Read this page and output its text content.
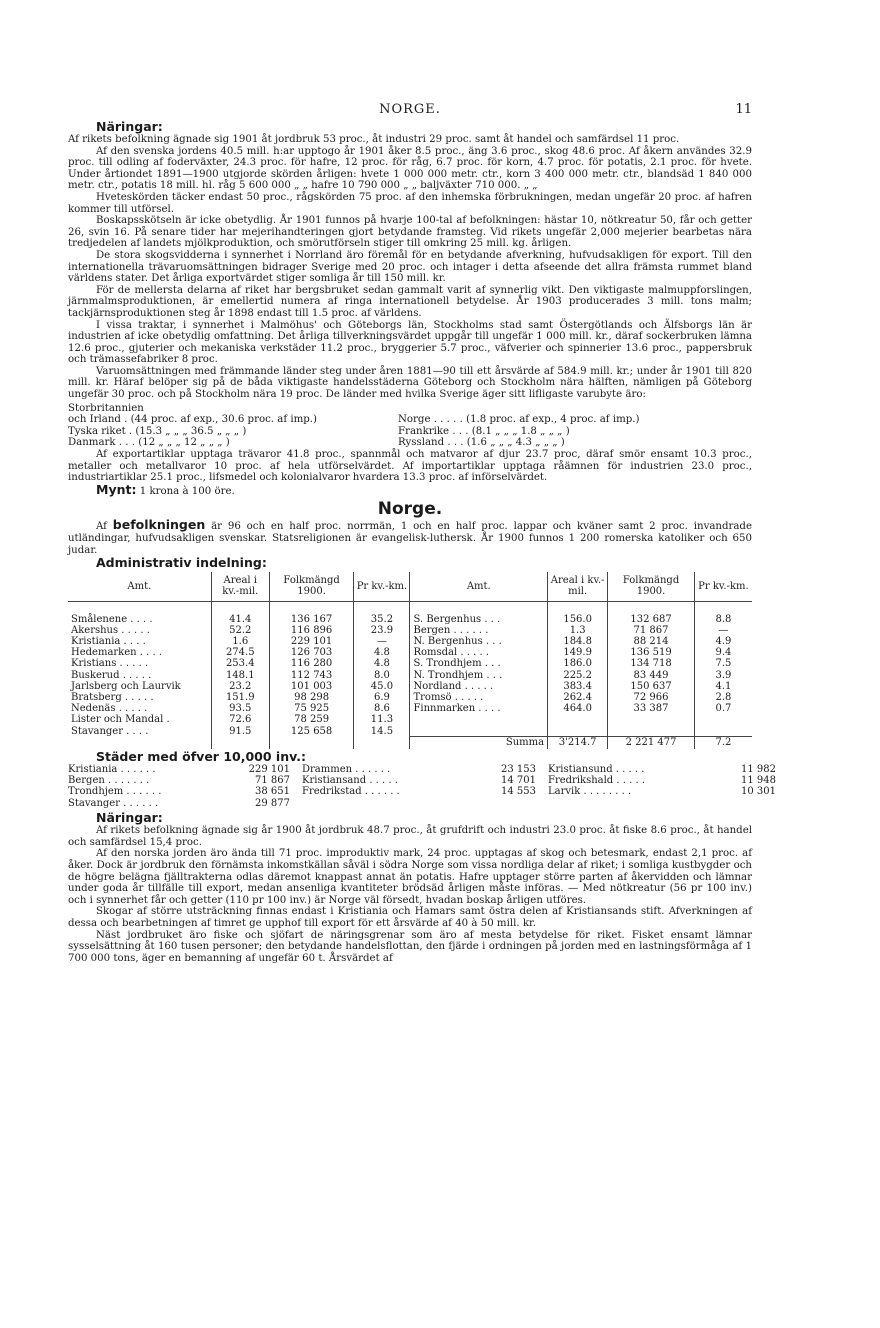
NORGE.	11
Näringar:

Af rikets befolkning ägnade sig 1901 åt jordbruk 53 proc., åt industri 29 proc. samt åt handel och samfärdsel 11 proc.

Af den svenska jordens 40.5 mill. h:ar upptogo år 1901 åker 8.5 proc., äng 3.6 proc., skog 48.6 proc. Af åkern användes 32.9 proc. till odling af foderväxter, 24.3 proc. för hafre, 12 proc. för råg, 6.7 proc. för korn, 4.7 proc. för potatis, 2.1 proc. för hvete. Under årtiondet 1891—1900 utgjorde skörden årligen: hvete 1 000 000 metr. ctr., korn 3 400 000 metr. ctr., blandsäd 1 840 000 metr. ctr., potatis 18 mill. hl. råg 5 600 000 „ „ hafre 10 790 000 „ „ baljväxter 710 000. „ „

Hveteskörden täcker endast 50 proc., rågskörden 75 proc. af den inhemska förbrukningen, medan ungefär 20 proc. af hafren kommer till utförsel.

Boskapsskötseln är icke obetydlig. År 1901 funnos på hvarje 100-tal af befolkningen: hästar 10, nötkreatur 50, får och getter 26, svin 16. På senare tider har mejerihandteringen gjort betydande framsteg. Vid rikets ungefär 2,000 mejerier bearbetas nära tredjedelen af landets mjölkproduktion, och smörutförseln stiger till omkring 25 mill. kg. årligen.

De stora skogsvidderna i synnerhet i Norrland äro föremål för en betydande afverkning, hufvudsakligen för export. Till den internationella trävaruomsättningen bidrager Sverige med 20 proc. och intager i detta afseende det allra främsta rummet bland världens stater. Det årliga exportvärdet stiger somliga år till 150 mill. kr.

För de mellersta delarna af riket har bergsbruket sedan gammalt varit af synnerlig vikt. Den viktigaste malmuppforslingen, järnmalmsproduktionen, är emellertid numera af ringa internationell betydelse. År 1903 producerades 3 mill. tons malm; tackjärnsproduktionen steg år 1898 endast till 1.5 proc. af världens.

I vissa traktar, i synnerhet i Malmöhus' och Göteborgs län, Stockholms stad samt Östergötlands och Älfsborgs län är industrien af icke obetydlig omfattning. Det årliga tillverkningsvärdet uppgår till ungefär 1 000 mill. kr., däraf sockerbruken lämna 12.6 proc., gjuterier och mekaniska verkstäder 11.2 proc., bryggerier 5.7 proc., väfverier och spinnerier 13.6 proc., pappersbruk och trämassefabriker 8 proc.

Varuomsättningen med främmande länder steg under åren 1881—90 till ett årsvärde af 584.9 mill. kr.; under år 1901 till 820 mill. kr. Häraf belöper sig på de båda viktigaste handelsstäderna Göteborg och Stockholm nära hälften, nämligen på Göteborg ungefär 30 proc. och på Stockholm nära 19 proc. De länder med hvilka Sverige äger sitt lifligaste varubyte äro:

Storbritannien
och Irland . (44 proc. af exp., 30.6 proc. af imp.)	Norge . . . . . (1.8 proc. af exp., 4 proc. af imp.)
Tyska riket . (15.3 „ „ „ 36.5 „ „ „ )	Frankrike . . . (8.1 „ „ „ 1.8 „ „ „ )
Danmark . . . (12 „ „ „ 12 „ „ „ )	Ryssland . . . (1.6 „ „ „ 4.3 „ „ „ )

Af exportartiklar upptaga trävaror 41.8 proc., spannmål och matvaror af djur 23.7 proc, däraf smör ensamt 10.3 proc., metaller och metallvaror 10 proc. af hela utförselvärdet. Af importartiklar upptaga råämnen för industrien 23.0 proc., industriartiklar 25.1 proc., lifsmedel och kolonialvaror hvardera 13.3 proc. af införselvärdet.

Mynt: 1 krona à 100 öre.
Norge.

Af befolkningen är 96 och en half proc. norrmän, 1 och en half proc. lappar och kväner samt 2 proc. invandrade utländingar, hufvudsakligen svenskar. Statsreligionen är evangelisk-luthersk. År 1900 funnos 1 200 romerska katoliker och 650 judar.

Administrativ indelning:
Amt.	Areal i kv.-mil.	Folkmängd 1900.	Pr kv.-km.	Amt.	Areal i kv.-mil.	Folkmängd 1900.	Pr kv.-km.
Smålenene . . . .	41.4	136 167	35.2	S. Bergenhus . . .	156.0	132 687	8.8
Akershus . . . . .	52.2	116 896	23.9	Bergen . . . . . .	1.3	71 867	—
Kristiania . . . .	1.6	229 101	—	N. Bergenhus . . .	184.8	88 214	4.9
Hedemarken . . . .	274.5	126 703	4.8	Romsdal . . . . .	149.9	136 519	9.4
Kristians . . . . .	253.4	116 280	4.8	S. Trondhjem . . .	186.0	134 718	7.5
Buskerud . . . . .	148.1	112 743	8.0	N. Trondhjem . . .	225.2	83 449	3.9
Jarlsberg och Laurvik	23.2	101 003	45.0	Nordland . . . . .	383.4	150 637	4.1
Bratsberg . . . . .	151.9	98 298	6.9	Tromsö . . . . .	262.4	72 966	2.8
Nedenäs . . . . .	93.5	75 925	8.6	Finnmarken . . . .	464.0	33 387	0.7
Lister och Mandal .	72.6	78 259	11.3				
Stavanger . . . .	91.5	125 658	14.5				
				Summa	3'214.7	2 221 477	7.2
Städer med öfver 10,000 inv.:
Kristiania . . . . . .	229 101 Drammen . . . . . .	23 153 Kristiansund . . . . .	11 982
Bergen . . . . . . .	71 867 Kristiansand . . . . .	14 701 Fredrikshald . . . . .	11 948
Trondhjem . . . . . .	38 651 Fredrikstad . . . . . .	14 553 Larvik . . . . . . . .	10 301
Stavanger . . . . . .	29 877
Näringar:

Af rikets befolkning ägnade sig år 1900 åt jordbruk 48.7 proc., åt grufdrift och industri 23.0 proc. åt fiske 8.6 proc., åt handel och samfärdsel 15,4 proc.

Af den norska jorden äro ända till 71 proc. improduktiv mark, 24 proc. upptagas af skog och betesmark, endast 2,1 proc. af åker. Dock är jordbruk den förnämsta inkomstkällan såväl i södra Norge som vissa nordliga delar af riket; i somliga kustbygder och de högre belägna fjälltrakterna odlas däremot knappast annat än potatis. Hafre upptager större parten af åkervidden och lämnar under goda år tillfälle till export, medan ansenliga kvantiteter brödsäd årligen måste införas. — Med nötkreatur (56 pr 100 inv.) och i synnerhet får och getter (110 pr 100 inv.) är Norge väl försedt, hvadan boskap årligen utföres.

Skogar af större utsträckning finnas endast i Kristiania och Hamars samt östra delen af Kristiansands stift. Afverkningen af dessa och bearbetningen af timret ge upphof till export för ett årsvärde af 40 à 50 mill. kr.

Näst jordbruket äro fiske och sjöfart de näringsgrenar som äro af mesta betydelse för riket. Fisket ensamt lämnar sysselsättning åt 160 tusen personer; den betydande handelsflottan, den fjärde i ordningen på jorden med en lastningsförmåga af 1 700 000 tons, äger en bemanning af ungefär 60 t. Årsvärdet af
